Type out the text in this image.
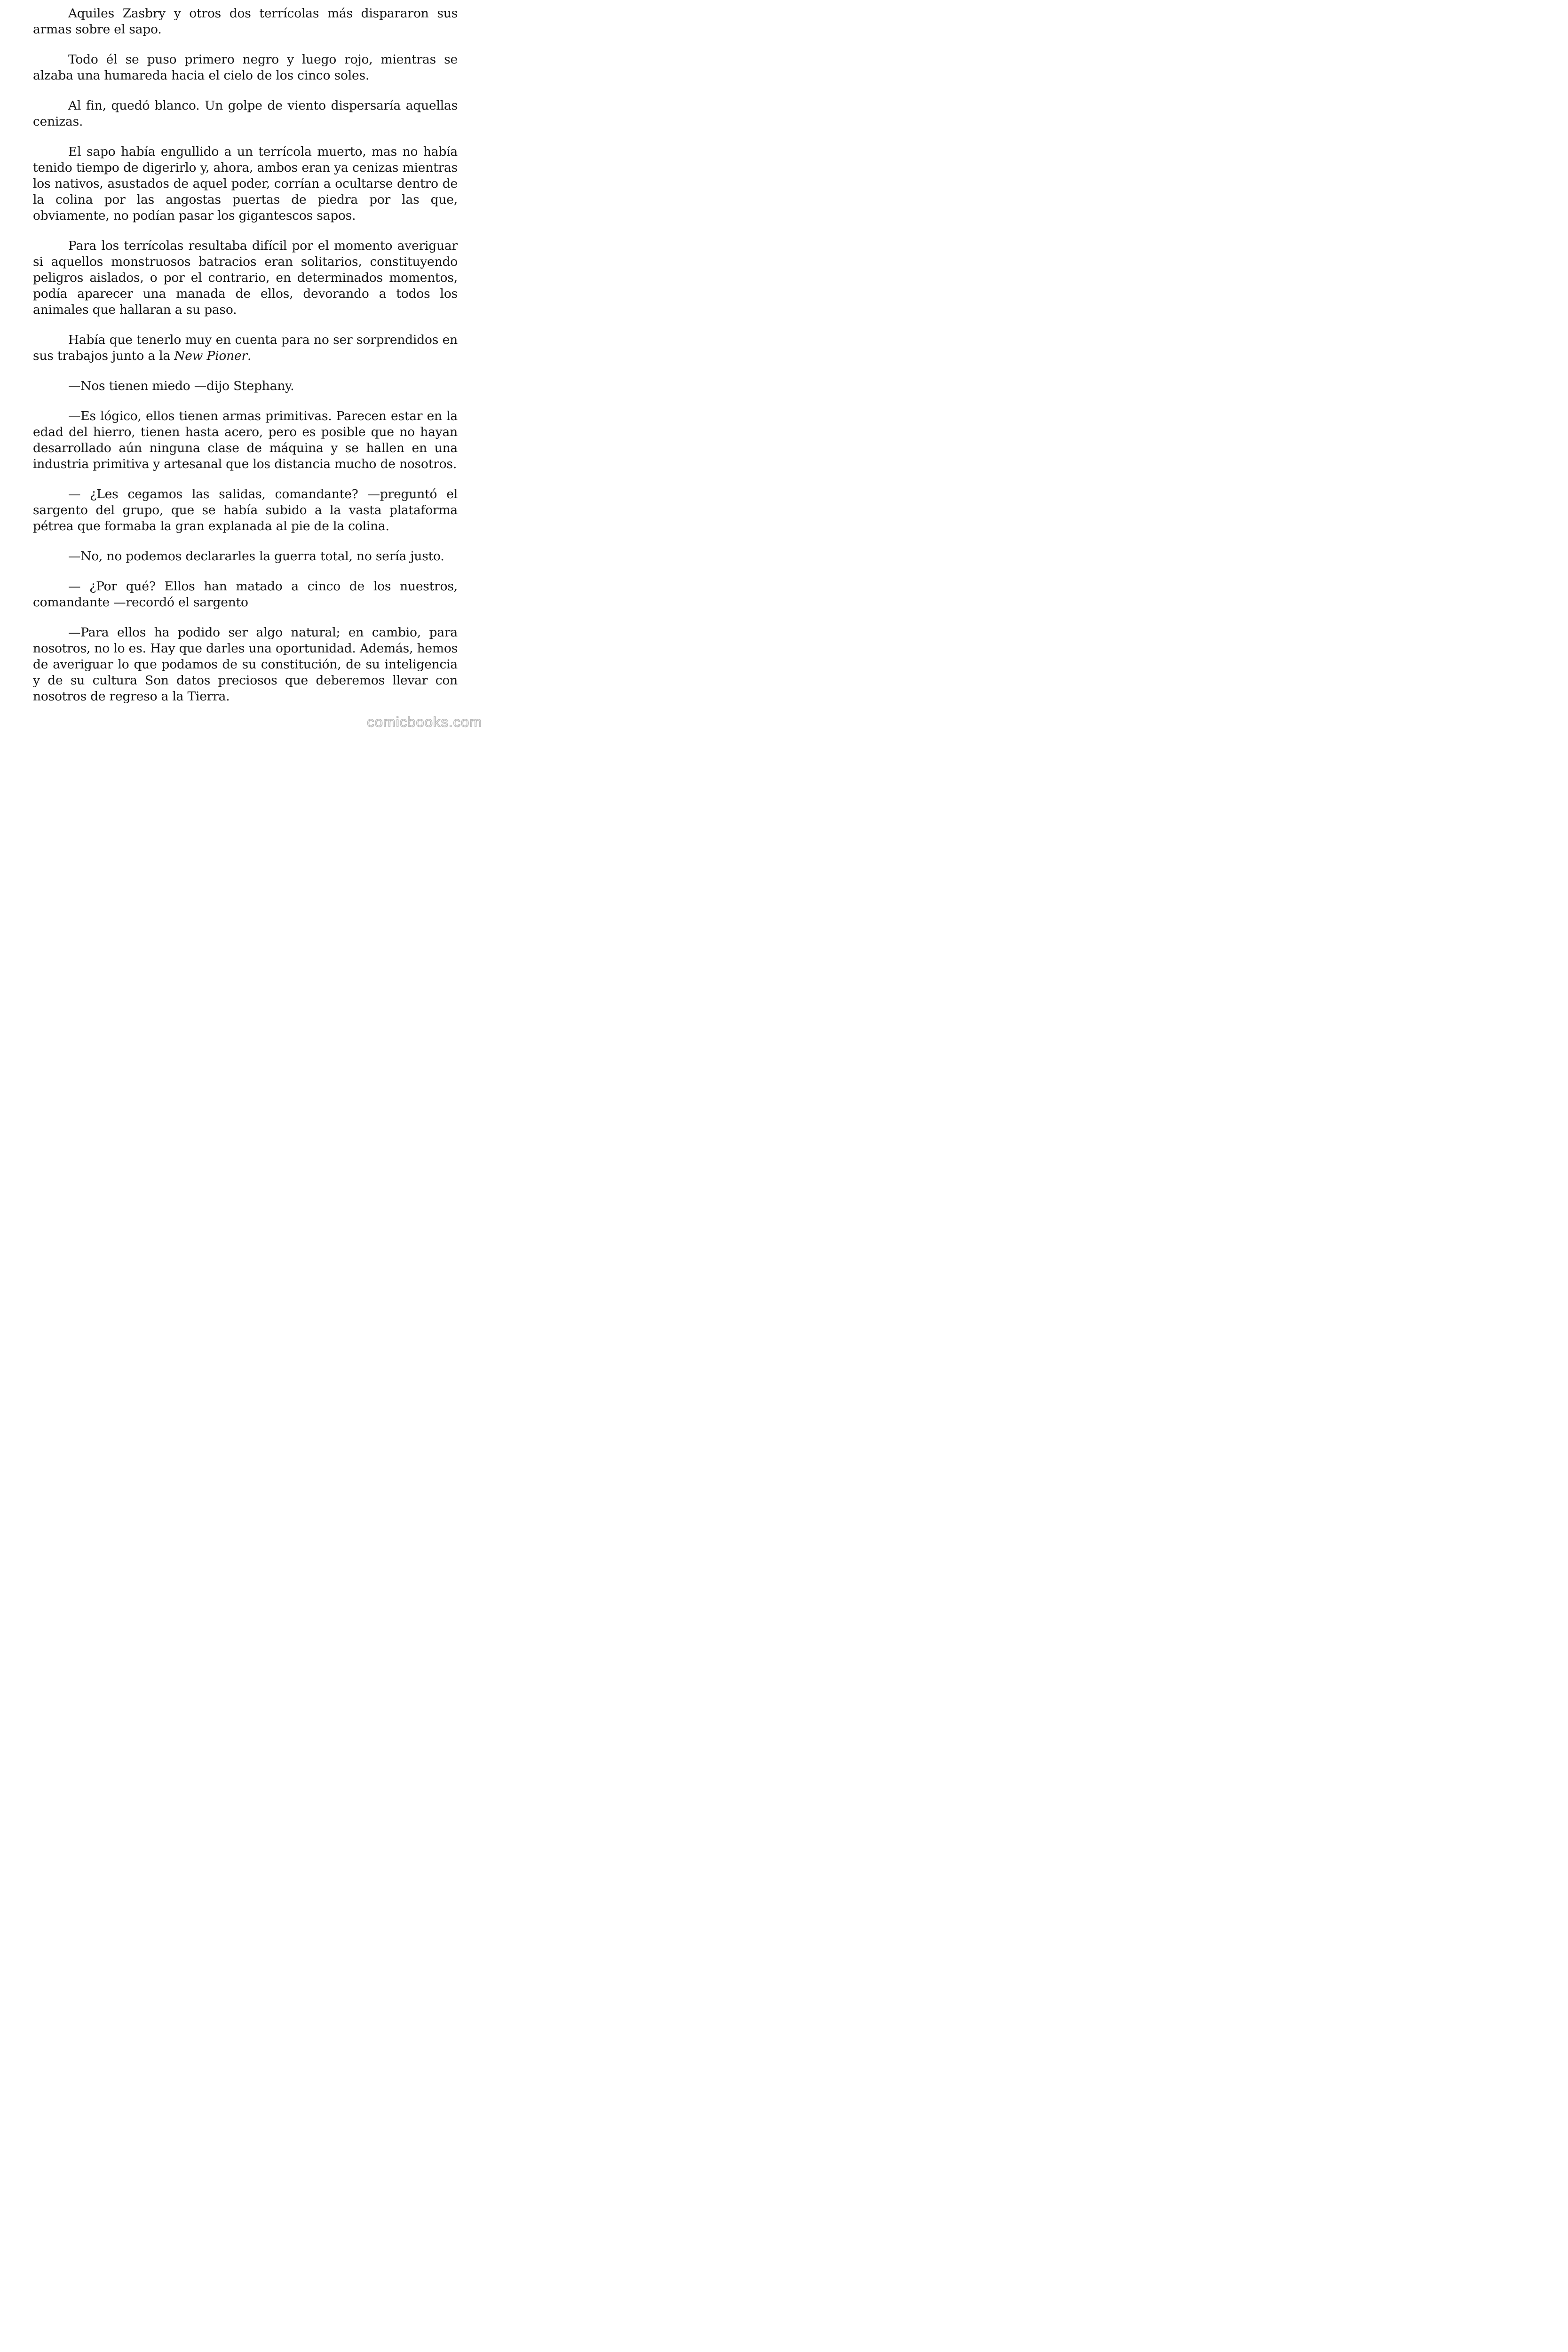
Aquiles Zasbry y otros dos terrícolas más dispararon sus armas sobre el sapo.

Todo él se puso primero negro y luego rojo, mientras se alzaba una humareda hacia el cielo de los cinco soles.

Al fin, quedó blanco. Un golpe de viento dispersaría aquellas cenizas.

El sapo había engullido a un terrícola muerto, mas no había tenido tiempo de digerirlo y, ahora, ambos eran ya cenizas mientras los nativos, asustados de aquel poder, corrían a ocultarse dentro de la colina por las angostas puertas de piedra por las que, obviamente, no podían pasar los gigantescos sapos.

Para los terrícolas resultaba difícil por el momento averiguar si aquellos monstruosos batracios eran solitarios, constituyendo peligros aislados, o por el contrario, en determinados momentos, podía aparecer una manada de ellos, devorando a todos los animales que hallaran a su paso.

Había que tenerlo muy en cuenta para no ser sorprendidos en sus trabajos junto a la New Pioner.

—Nos tienen miedo —dijo Stephany.

—Es lógico, ellos tienen armas primitivas. Parecen estar en la edad del hierro, tienen hasta acero, pero es posible que no hayan desarrollado aún ninguna clase de máquina y se hallen en una industria primitiva y artesanal que los distancia mucho de nosotros.

— ¿Les cegamos las salidas, comandante? —preguntó el sargento del grupo, que se había subido a la vasta plataforma pétrea que formaba la gran explanada al pie de la colina.

—No, no podemos declararles la guerra total, no sería justo.

— ¿Por qué? Ellos han matado a cinco de los nuestros, comandante —recordó el sargento

—Para ellos ha podido ser algo natural; en cambio, para nosotros, no lo es. Hay que darles una oportunidad. Además, hemos de averiguar lo que podamos de su constitución, de su inteligencia y de su cultura Son datos preciosos que deberemos llevar con nosotros de regreso a la Tierra.

comicbooks.com
